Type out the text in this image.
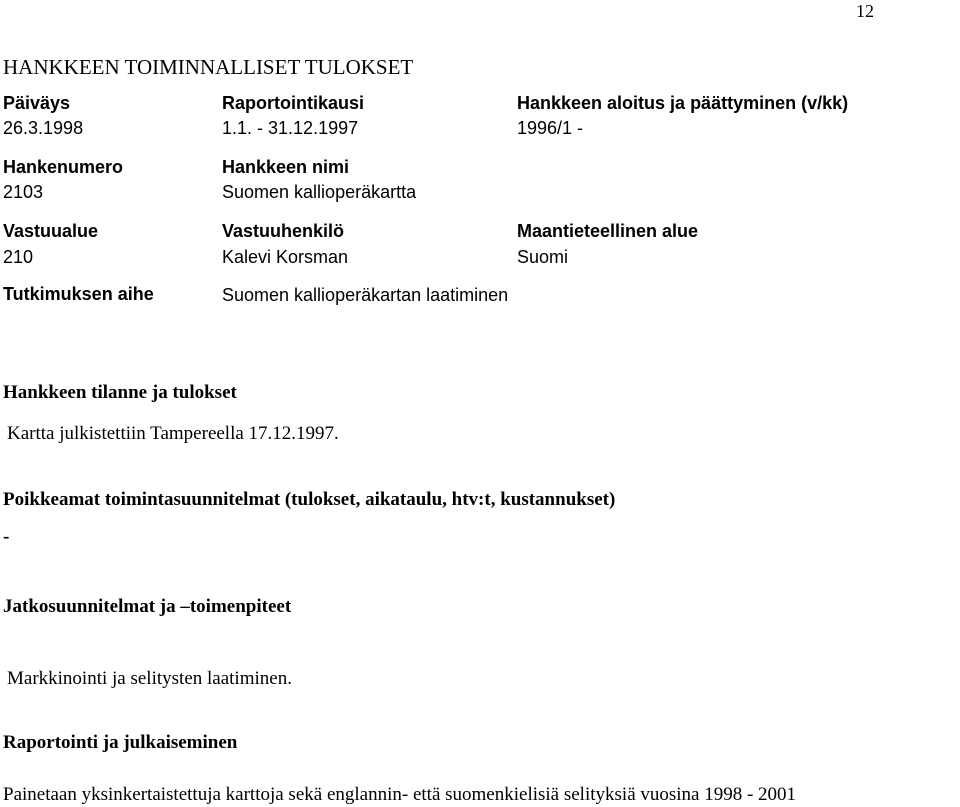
12
HANKKEEN TOIMINNALLISET TULOKSET
Päiväys	Raportointikausi	Hankkeen aloitus ja päättyminen (v/kk)
26.3.1998	1.1. - 31.12.1997	1996/1 -
Hankenumero	Hankkeen nimi
2103	Suomen kallioperäkartta
Vastuualue	Vastuuhenkilö	Maantieteellinen alue
210	Kalevi Korsman	Suomi
Tutkimuksen aihe	Suomen kallioperäkartan laatiminen
Hankkeen tilanne ja tulokset
Kartta julkistettiin Tampereella 17.12.1997.
Poikkeamat toimintasuunnitelmat (tulokset, aikataulu, htv:t, kustannukset)
-
Jatkosuunnitelmat ja –toimenpiteet
Markkinointi ja selitysten laatiminen.
Raportointi ja julkaiseminen
Painetaan yksinkertaistettuja karttoja sekä englannin- että suomenkielisiä selityksiä vuosina 1998 - 2001
